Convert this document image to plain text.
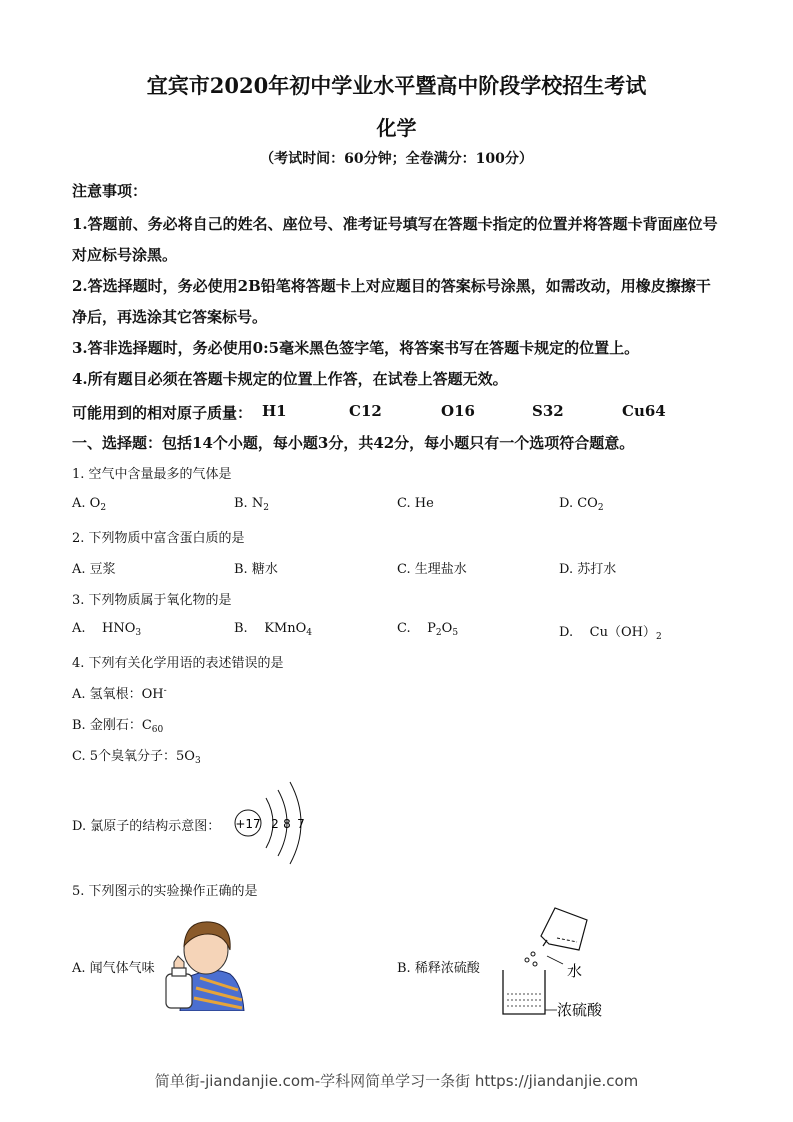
宜宾市2020年初中学业水平暨高中阶段学校招生考试
化学
（考试时间：60分钟；全卷满分：100分）
注意事项：
1.答题前、务必将自己的姓名、座位号、准考证号填写在答题卡指定的位置并将答题卡背面座位号对应标号涂黑。
2.答选择题时，务必使用2B铅笔将答题卡上对应题目的答案标号涂黑，如需改动，用橡皮擦擦干净后，再选涂其它答案标号。
3.答非选择题时，务必使用0:5毫米黑色签字笔，将答案书写在答题卡规定的位置上。
4.所有题目必须在答题卡规定的位置上作答，在试卷上答题无效。
可能用到的相对原子质量： H1	C12	O16	S32	Cu64
一、选择题：包括14个小题，每小题3分，共42分，每小题只有一个选项符合题意。
1. 空气中含量最多的气体是
A. $O_2$	B. $N_2$	C. He	D. $CO_2$
2. 下列物质中富含蛋白质的是
A. 豆浆	B. 糖水	C. 生理盐水	D. 苏打水
3. 下列物质属于氧化物的是
A.    $HNO_3$	B.    KMnO$_4$	C.    $P_2O_5$	D.    $Cu(OH)_2$
4. 下列有关化学用语的表述错误的是
A. 氢氧根：OH-
B. 金刚石：$C_{60}$
C. 5个臭氧分子：$5O_3$
D. 氯原子的结构示意图： +17 2 8 7
5. 下列图示的实验操作正确的是
A. 闻气体气味	B. 稀释浓硫酸	水
浓硫酸
简单街-jiandanjie.com-学科网简单学习一条街 https://jiandanjie.com
